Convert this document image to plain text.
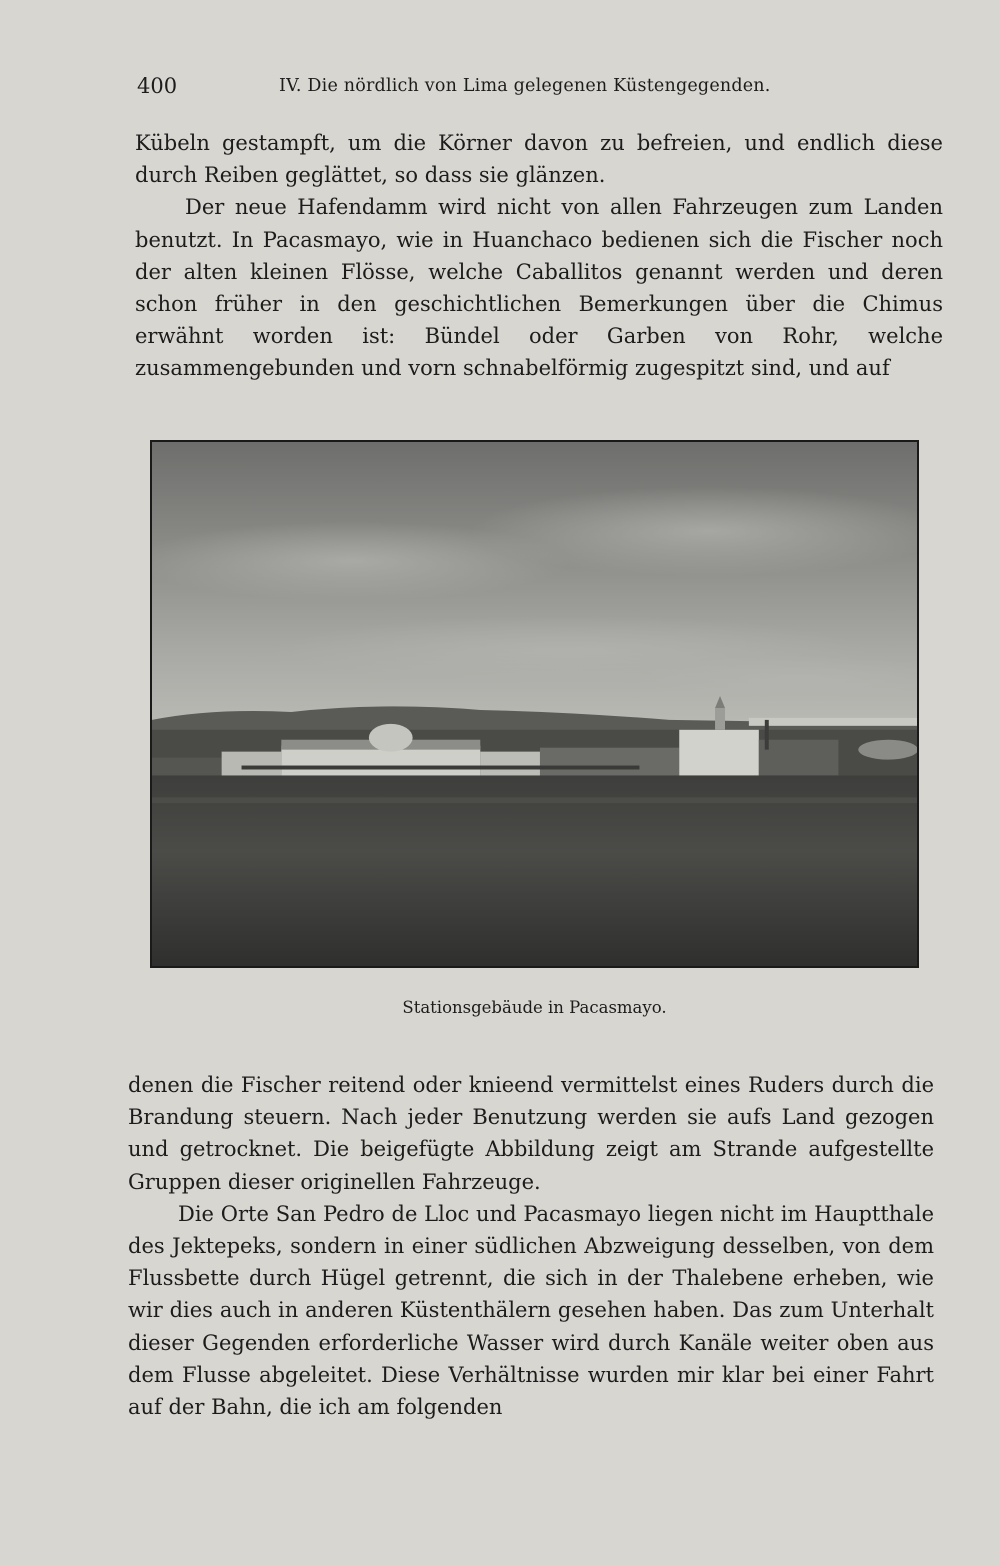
400	IV. Die nördlich von Lima gelegenen Küstengegenden.

Kübeln gestampft, um die Körner davon zu befreien, und endlich diese durch Reiben geglättet, so dass sie glänzen.

Der neue Hafendamm wird nicht von allen Fahrzeugen zum Landen benutzt. In Pacasmayo, wie in Huanchaco bedienen sich die Fischer noch der alten kleinen Flösse, welche Caballitos genannt werden und deren schon früher in den geschichtlichen Bemerkungen über die Chimus erwähnt worden ist: Bündel oder Garben von Rohr, welche zusammengebunden und vorn schnabelförmig zugespitzt sind, und auf

Stationsgebäude in Pacasmayo.

denen die Fischer reitend oder knieend vermittelst eines Ruders durch die Brandung steuern. Nach jeder Benutzung werden sie aufs Land gezogen und getrocknet. Die beigefügte Abbildung zeigt am Strande aufgestellte Gruppen dieser originellen Fahrzeuge.

Die Orte San Pedro de Lloc und Pacasmayo liegen nicht im Hauptthale des Jektepeks, sondern in einer südlichen Abzweigung desselben, von dem Flussbette durch Hügel getrennt, die sich in der Thalebene erheben, wie wir dies auch in anderen Küstenthälern gesehen haben. Das zum Unterhalt dieser Gegenden erforderliche Wasser wird durch Kanäle weiter oben aus dem Flusse abgeleitet. Diese Verhältnisse wurden mir klar bei einer Fahrt auf der Bahn, die ich am folgenden
